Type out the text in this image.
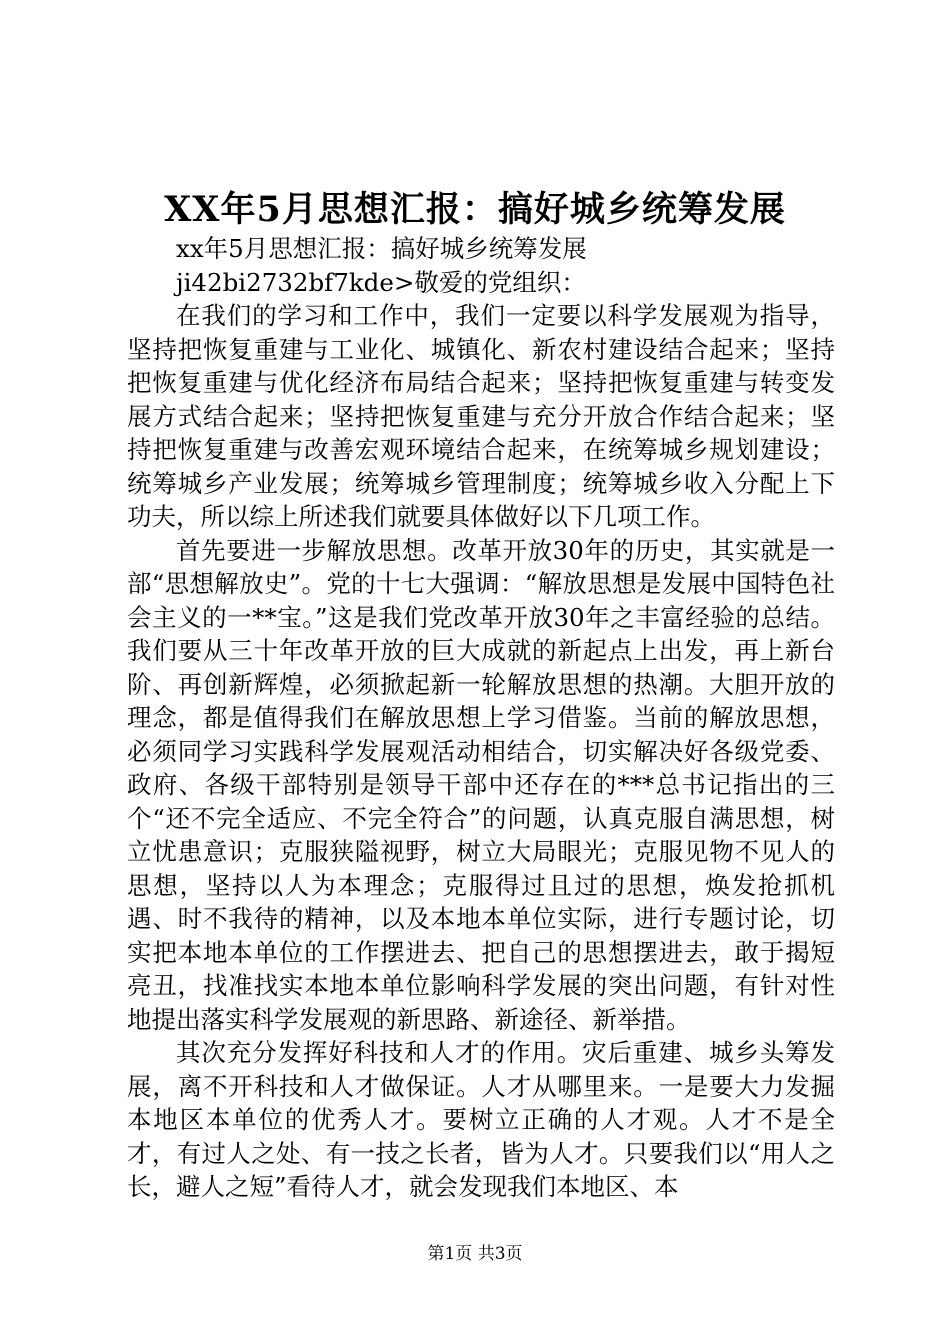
XX年5月思想汇报：搞好城乡统筹发展

xx年5月思想汇报：搞好城乡统筹发展

ji42bi2732bf7kde>敬爱的党组织：

在我们的学习和工作中，我们一定要以科学发展观为指导，坚持把恢复重建与工业化、城镇化、新农村建设结合起来；坚持把恢复重建与优化经济布局结合起来；坚持把恢复重建与转变发展方式结合起来；坚持把恢复重建与充分开放合作结合起来；坚持把恢复重建与改善宏观环境结合起来，在统筹城乡规划建设；统筹城乡产业发展；统筹城乡管理制度；统筹城乡收入分配上下功夫，所以综上所述我们就要具体做好以下几项工作。

首先要进一步解放思想。改革开放30年的历史，其实就是一部“思想解放史”。党的十七大强调：“解放思想是发展中国特色社会主义的一**宝。”这是我们党改革开放30年之丰富经验的总结。我们要从三十年改革开放的巨大成就的新起点上出发，再上新台阶、再创新辉煌，必须掀起新一轮解放思想的热潮。大胆开放的理念，都是值得我们在解放思想上学习借鉴。当前的解放思想，必须同学习实践科学发展观活动相结合，切实解决好各级党委、政府、各级干部特别是领导干部中还存在的***总书记指出的三个“还不完全适应、不完全符合”的问题，认真克服自满思想，树立忧患意识；克服狭隘视野，树立大局眼光；克服见物不见人的思想，坚持以人为本理念；克服得过且过的思想，焕发抢抓机遇、时不我待的精神，以及本地本单位实际，进行专题讨论，切实把本地本单位的工作摆进去、把自己的思想摆进去，敢于揭短亮丑，找准找实本地本单位影响科学发展的突出问题，有针对性地提出落实科学发展观的新思路、新途径、新举措。

其次充分发挥好科技和人才的作用。灾后重建、城乡头筹发展，离不开科技和人才做保证。人才从哪里来。一是要大力发掘本地区本单位的优秀人才。要树立正确的人才观。人才不是全才，有过人之处、有一技之长者，皆为人才。只要我们以“用人之长，避人之短”看待人才，就会发现我们本地区、本

第1页 共3页
